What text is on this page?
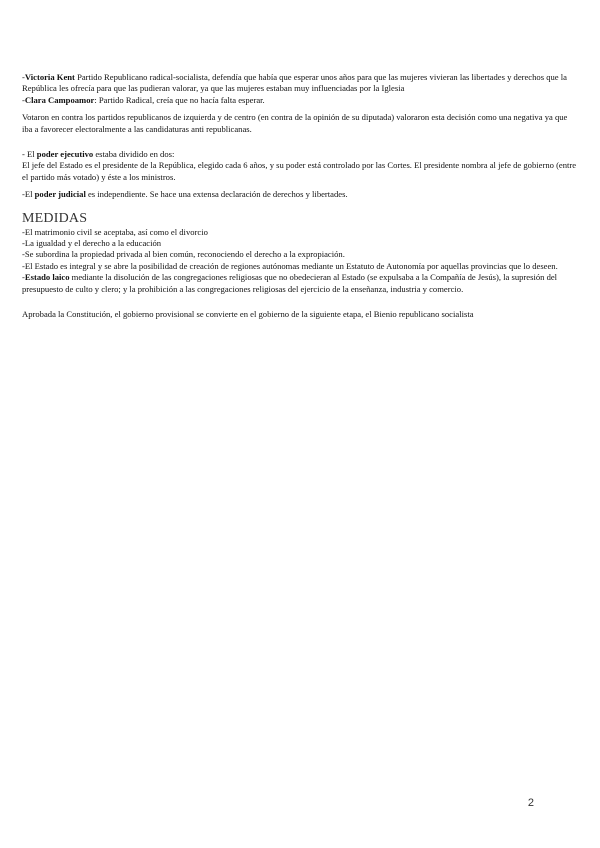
-Victoria Kent Partido Republicano radical-socialista, defendía que había que esperar unos años para que las mujeres vivieran las libertades y derechos que la República les ofrecía para que las pudieran valorar, ya que las mujeres estaban muy influenciadas por la Iglesia

-Clara Campoamor: Partido Radical, creía que no hacía falta esperar.

Votaron en contra los partidos republicanos de izquierda y de centro (en contra de la opinión de su diputada) valoraron esta decisión como una negativa ya que iba a favorecer electoralmente a las candidaturas anti republicanas.

- El poder ejecutivo estaba dividido en dos:

El jefe del Estado es el presidente de la República, elegido cada 6 años, y su poder está controlado por las Cortes. El presidente nombra al jefe de gobierno (entre el partido más votado) y éste a los ministros.

-El poder judicial es independiente. Se hace una extensa declaración de derechos y libertades.

MEDIDAS

-El matrimonio civil se aceptaba, así como el divorcio

-La igualdad y el derecho a la educación

-Se subordina la propiedad privada al bien común, reconociendo el derecho a la expropiación.

-El Estado es integral y se abre la posibilidad de creación de regiones autónomas mediante un Estatuto de Autonomía por aquellas provincias que lo deseen.

-Estado laico mediante la disolución de las congregaciones religiosas que no obedecieran al Estado (se expulsaba a la Compañía de Jesús), la supresión del presupuesto de culto y clero; y la prohibición a las congregaciones religiosas del ejercicio de la enseñanza, industria y comercio.

Aprobada la Constitución, el gobierno provisional se convierte en el gobierno de la siguiente etapa, el Bienio republicano socialista

2
